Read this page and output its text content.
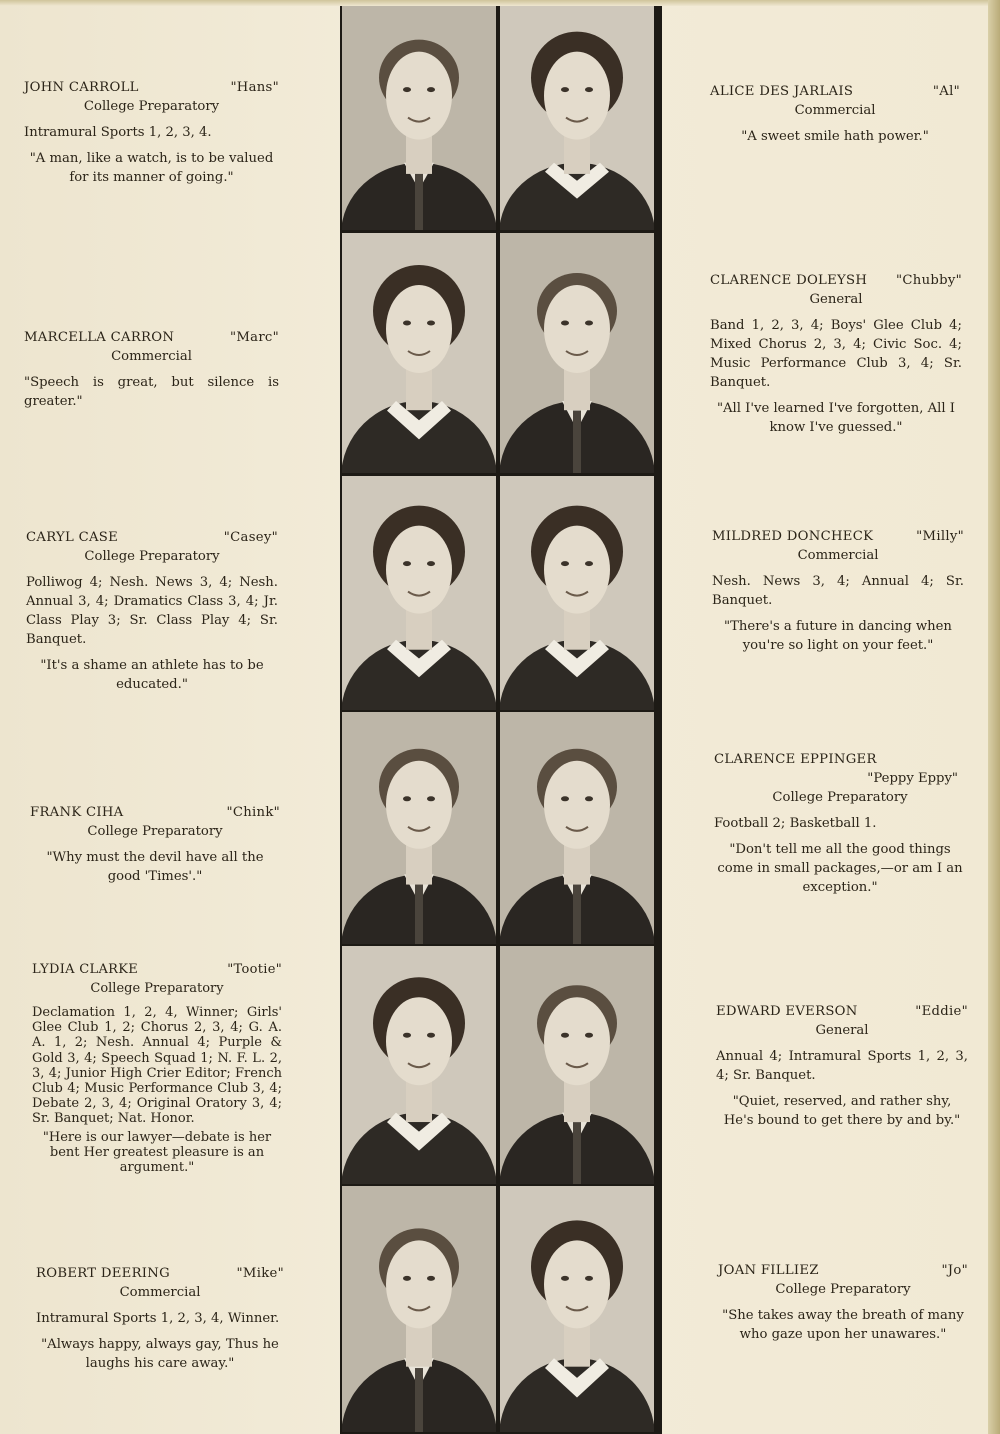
JOHN CARROLL	"Hans"
College Preparatory
Intramural Sports 1, 2, 3, 4.
"A man, like a watch, is to be valued for its manner of going."
MARCELLA CARRON	"Marc"
Commercial
"Speech is great, but silence is greater."
CARYL CASE	"Casey"
College Preparatory
Polliwog 4; Nesh. News 3, 4; Nesh. Annual 3, 4; Dramatics Class 3, 4; Jr. Class Play 3; Sr. Class Play 4; Sr. Banquet.
"It's a shame an athlete has to be educated."
FRANK CIHA	"Chink"
College Preparatory
"Why must the devil have all the good 'Times'."
LYDIA CLARKE	"Tootie"
College Preparatory
Declamation 1, 2, 4, Winner; Girls' Glee Club 1, 2; Chorus 2, 3, 4; G. A. A. 1, 2; Nesh. Annual 4; Purple & Gold 3, 4; Speech Squad 1; N. F. L. 2, 3, 4; Junior High Crier Editor; French Club 4; Music Performance Club 3, 4; Debate 2, 3, 4; Original Oratory 3, 4; Sr. Banquet; Nat. Honor.
"Here is our lawyer—debate is her bent Her greatest pleasure is an argument."
ROBERT DEERING	"Mike"
Commercial
Intramural Sports 1, 2, 3, 4, Winner.
"Always happy, always gay, Thus he laughs his care away."
ALICE DES JARLAIS	"Al"
Commercial
"A sweet smile hath power."
CLARENCE DOLEYSH "Chubby"
General
Band 1, 2, 3, 4; Boys' Glee Club 4; Mixed Chorus 2, 3, 4; Civic Soc. 4; Music Performance Club 3, 4; Sr. Banquet.
"All I've learned I've forgotten, All I know I've guessed."
MILDRED DONCHECK	"Milly"
Commercial
Nesh. News 3, 4; Annual 4; Sr. Banquet.
"There's a future in dancing when you're so light on your feet."
CLARENCE EPPINGER
"Peppy Eppy"
College Preparatory
Football 2; Basketball 1.
"Don't tell me all the good things come in small packages,—or am I an exception."
EDWARD EVERSON	"Eddie"
General
Annual 4; Intramural Sports 1, 2, 3, 4; Sr. Banquet.
"Quiet, reserved, and rather shy, He's bound to get there by and by."
JOAN FILLIEZ	"Jo"
College Preparatory
"She takes away the breath of many who gaze upon her unawares."
